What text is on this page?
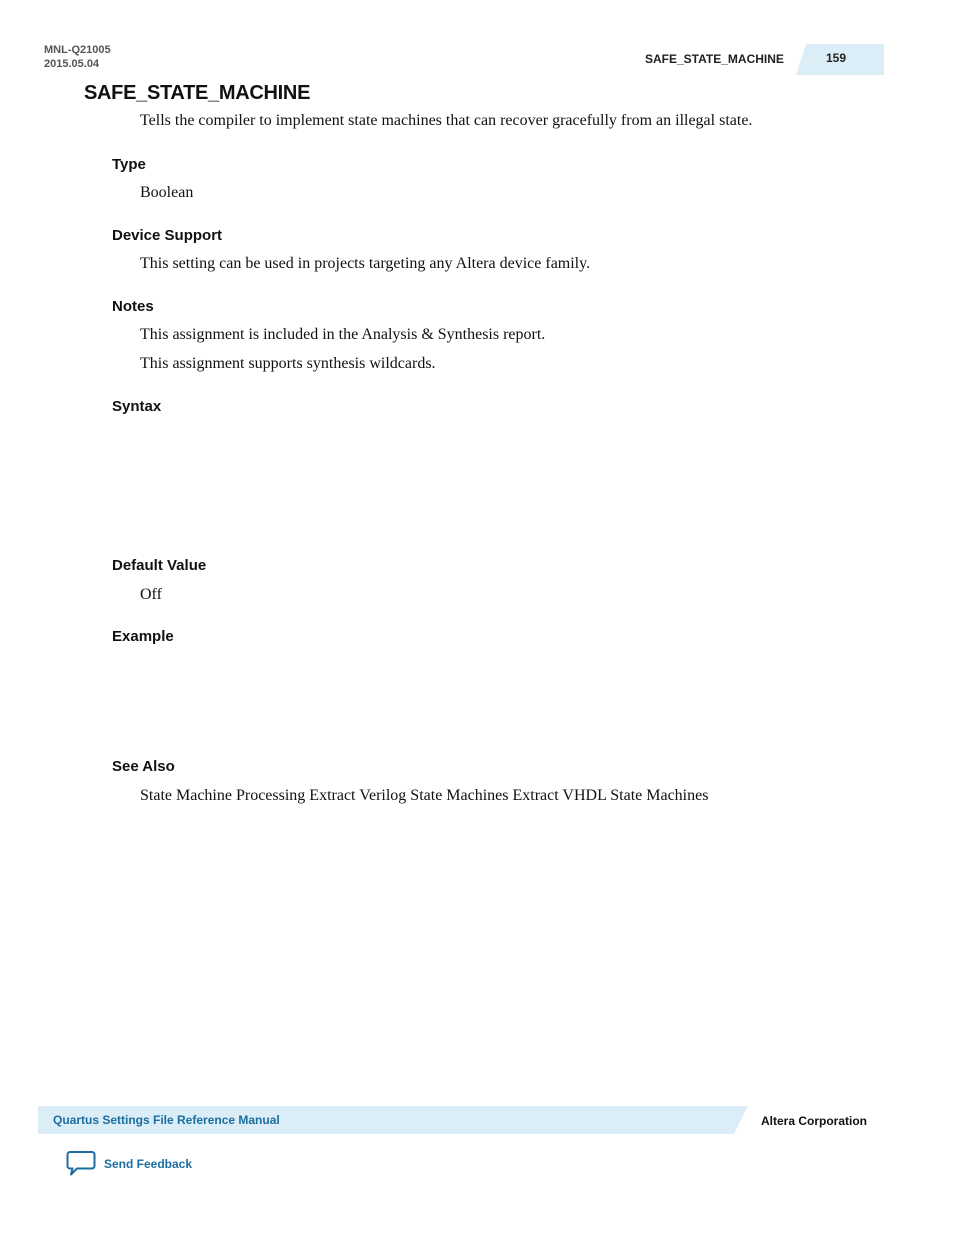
MNL-Q21005
2015.05.04	SAFE_STATE_MACHINE	159
SAFE_STATE_MACHINE

Tells the compiler to implement state machines that can recover gracefully from an illegal state.

Type

Boolean

Device Support

This setting can be used in projects targeting any Altera device family.

Notes

This assignment is included in the Analysis & Synthesis report.

This assignment supports synthesis wildcards.

Syntax
Default Value

Off

Example
See Also

State Machine Processing Extract Verilog State Machines Extract VHDL State Machines

Quartus Settings File Reference Manual	Altera Corporation
Send Feedback
